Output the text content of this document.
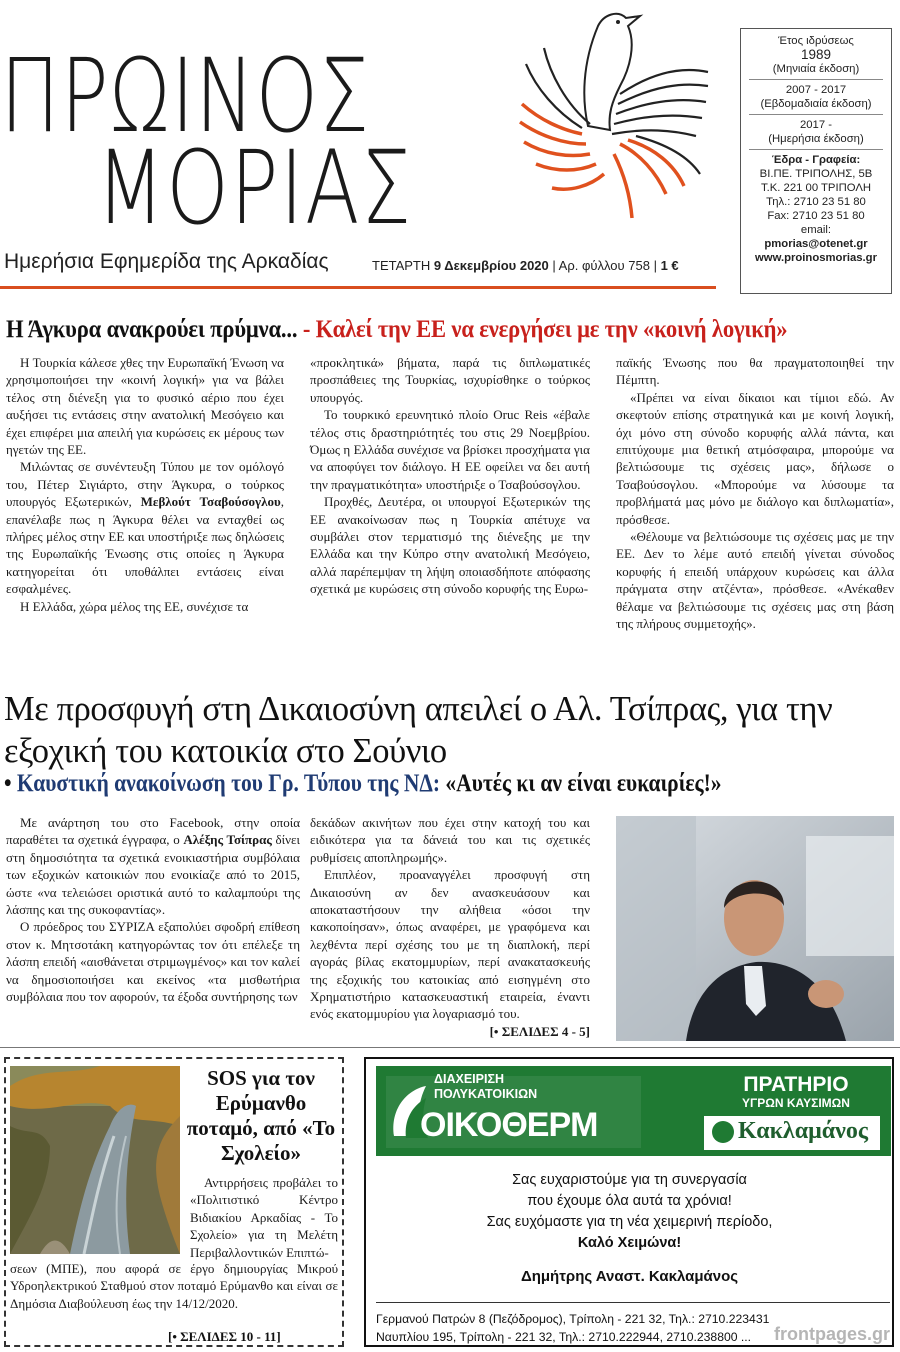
ΠΡΩΙΝΟΣ
ΜΟΡΙΑΣ
Ημερήσια Εφημερίδα της Αρκαδίας	ΤΕΤΑΡΤΗ 9 Δεκεμβρίου 2020 | Αρ. φύλλου 758 | 1 €
Έτος ιδρύσεως
1989
(Μηνιαία έκδοση)
2007 - 2017
(Εβδομαδιαία έκδοση)
2017 -
(Ημερήσια έκδοση)
Έδρα - Γραφεία:
ΒΙ.ΠΕ. ΤΡΙΠΟΛΗΣ, 5Β
Τ.Κ. 221 00 ΤΡΙΠΟΛΗ
Τηλ.: 2710 23 51 80
Fax: 2710 23 51 80
email:
pmorias@otenet.gr
www.proinosmorias.gr
Η Άγκυρα ανακρούει πρύμνα... - Καλεί την ΕΕ να ενεργήσει με την «κοινή λογική»

Η Τουρκία κάλεσε χθες την Ευρωπαϊκή Ένωση να χρησιμοποιήσει την «κοινή λογική» για να βάλει τέλος στη διένεξη για το φυσικό αέριο που έχει αυξήσει τις εντάσεις στην ανατολική Μεσόγειο και έχει επιφέρει μια απειλή για κυρώσεις εκ μέρους των ηγετών της ΕΕ.

Μιλώντας σε συνέντευξη Τύπου με τον ομόλογό του, Πέτερ Σιγιάρτο, στην Άγκυρα, ο τούρκος υπουργός Εξωτερικών, Μεβλούτ Τσαβούσογλου, επανέλαβε πως η Άγκυρα θέλει να ενταχθεί ως πλήρες μέλος στην ΕΕ και υποστήριξε πως δηλώσεις της Ευρωπαϊκής Ένωσης στις οποίες η Άγκυρα κατηγορείται ότι υποθάλπει εντάσεις είναι εσφαλμένες.

Η Ελλάδα, χώρα μέλος της ΕΕ, συνέχισε τα

«προκλητικά» βήματα, παρά τις διπλωματικές προσπάθειες της Τουρκίας, ισχυρίσθηκε ο τούρκος υπουργός.

Το τουρκικό ερευνητικό πλοίο Oruc Reis «έβαλε τέλος στις δραστηριότητές του στις 29 Νοεμβρίου. Όμως η Ελλάδα συνέχισε να βρίσκει προσχήματα για να αποφύγει τον διάλογο. Η ΕΕ οφείλει να δει αυτή την πραγματικότητα» υποστήριξε ο Τσαβούσογλου.

Προχθές, Δευτέρα, οι υπουργοί Εξωτερικών της ΕΕ ανακοίνωσαν πως η Τουρκία απέτυχε να συμβάλει στον τερματισμό της διένεξης με την Ελλάδα και την Κύπρο στην ανατολική Μεσόγειο, αλλά παρέπεμψαν τη λήψη οποιασδήποτε απόφασης σχετικά με κυρώσεις στη σύνοδο κορυφής της Ευρω-

παϊκής Ένωσης που θα πραγματοποιηθεί την Πέμπτη.

«Πρέπει να είναι δίκαιοι και τίμιοι εδώ. Αν σκεφτούν επίσης στρατηγικά και με κοινή λογική, όχι μόνο στη σύνοδο κορυφής αλλά πάντα, και επιτύχουμε μια θετική ατμόσφαιρα, μπορούμε να βελτιώσουμε τις σχέσεις μας», δήλωσε ο Τσαβούσογλου. «Μπορούμε να λύσουμε τα προβλήματά μας μόνο με διάλογο και διπλωματία», πρόσθεσε.

«Θέλουμε να βελτιώσουμε τις σχέσεις μας με την ΕΕ. Δεν το λέμε αυτό επειδή γίνεται σύνοδος κορυφής ή επειδή υπάρχουν κυρώσεις και άλλα πράγματα στην ατζέντα», πρόσθεσε. «Ανέκαθεν θέλαμε να βελτιώσουμε τις σχέσεις μας στη βάση της πλήρους συμμετοχής».

Με προσφυγή στη Δικαιοσύνη απειλεί ο Αλ. Τσίπρας, για την εξοχική του κατοικία στο Σούνιο
• Καυστική ανακοίνωση του Γρ. Τύπου της ΝΔ: «Αυτές κι αν είναι ευκαιρίες!»

Με ανάρτηση του στο Facebook, στην οποία παραθέτει τα σχετικά έγγραφα, ο Αλέξης Τσίπρας δίνει στη δημοσιότητα τα σχετικά ενοικιαστήρια συμβόλαια των εξοχικών κατοικιών που ενοικίαζε από το 2015, ώστε «να τελειώσει οριστικά αυτό το καλαμπούρι της λάσπης και της συκοφαντίας».

Ο πρόεδρος του ΣΥΡΙΖΑ εξαπολύει σφοδρή επίθεση στον κ. Μητσοτάκη κατηγορώντας τον ότι επέλεξε τη λάσπη επειδή «αισθάνεται στριμωγμένος» και τον καλεί να δημοσιοποιήσει και εκείνος «τα μισθωτήρια συμβόλαια που τον αφορούν, τα έξοδα συντήρησης των

δεκάδων ακινήτων που έχει στην κατοχή του και ειδικότερα για τα δάνειά του και τις σχετικές ρυθμίσεις αποπληρωμής».

Επιπλέον, προαναγγέλει προσφυγή στη Δικαιοσύνη αν δεν ανασκευάσουν και αποκαταστήσουν την αλήθεια «όσοι την κακοποίησαν», όπως αναφέρει, με γραφόμενα και λεχθέντα περί σχέσης του με τη διαπλοκή, περί αγοράς βίλας εκατομμυρίων, περί ανακατασκευής της εξοχικής του κατοικίας από εισηγμένη στο Χρηματιστήριο κατασκευαστική εταιρεία, έναντι ενός εκατομμυρίου για λογαριασμό του.

[• ΣΕΛΙΔΕΣ 4 - 5]

SOS για τον Ερύμανθο ποταμό, από «Το Σχολείο»

Αντιρρήσεις προβάλει το «Πολιτιστικό Κέντρο Βιδιακίου Αρκαδίας - Το Σχολείο» για τη Μελέτη Περιβαλλοντικών Επιπτώ-

σεων (ΜΠΕ), που αφορά σε έργο δημιουργίας Μικρού Υδροηλεκτρικού Σταθμού στον ποταμό Ερύμανθο και είναι σε Δημόσια Διαβούλευση έως την 14/12/2020.

[• ΣΕΛΙΔΕΣ 10 - 11]
ΔΙΑΧΕΙΡΙΣΗ
ΠΟΛΥΚΑΤΟΙΚΙΩΝ
ΟΙΚΟΘΕΡΜ
ΠΡΑΤΗΡΙΟ
ΥΓΡΩΝ ΚΑΥΣΙΜΩΝ
Κακλαμάνος
Σας ευχαριστούμε για τη συνεργασία
που έχουμε όλα αυτά τα χρόνια!
Σας ευχόμαστε για τη νέα χειμερινή περίοδο,
Καλό Χειμώνα!
Δημήτρης Αναστ. Κακλαμάνος
Γερμανού Πατρών 8 (Πεζόδρομος), Τρίπολη - 221 32, Τηλ.: 2710.223431
Ναυπλίου 195, Τρίπολη - 221 32, Τηλ.: 2710.222944, 2710.238800 ...	frontpages.gr
